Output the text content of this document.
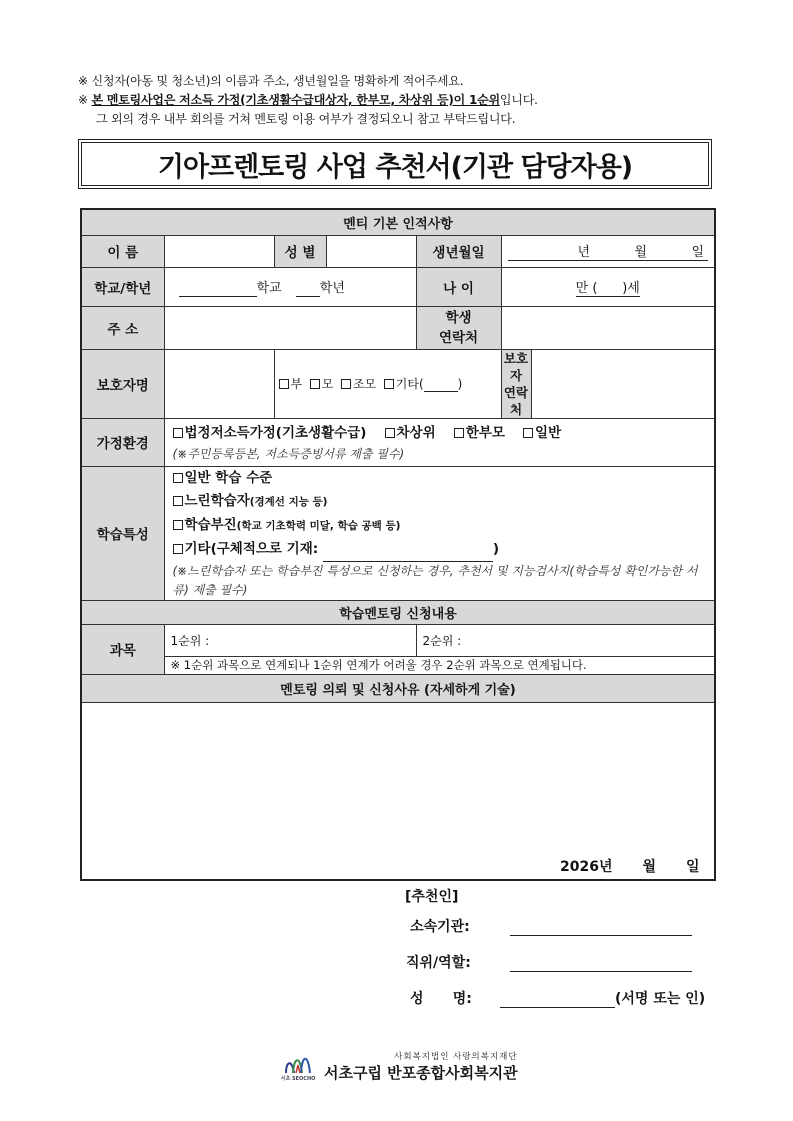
※ 신청자(아동 및 청소년)의 이름과 주소, 생년월일을 명확하게 적어주세요.
※ 본 멘토링사업은 저소득 가정(기초생활수급대상자, 한부모, 차상위 등)이 1순위입니다.
그 외의 경우 내부 회의를 거쳐 멘토링 이용 여부가 결정되오니 참고 부탁드립니다.
기아프렌토링 사업 추천서(기관 담당자용)
멘티 기본 인적사항						
이 름		성 별		생년월일	년 월 일	

학교/학년	학교 학년			나 이	만 ( )세	
주 소				학생
연락처		

보호자명		부 모 조모 기타( )			보호자
연락처	

가정환경	법정저소득가정(기초생활수급) 차상위 한부모 일반
(※주민등록등본, 저소득증빙서류 제출 필수)					

학습특성	일반 학습 수준
느린학습자(경계선 지능 등)
학습부진(학교 기초학력 미달, 학습 공백 등)
기타(구체적으로 기재: )
(※느린학습자 또는 학습부진 특성으로 신청하는 경우, 추천서 및 지능검사지(학습특성 확인가능한 서류) 제출 필수)					

학습멘토링 신청내용						
과목	1순위 :			2순위 :		
	※ 1순위 과목으로 연계되나 1순위 연계가 어려울 경우 2순위 과목으로 연계됩니다.					
멘토링 의뢰 및 신청사유 (자세하게 기술)						

2026년 월 일
[추천인]
소속기관:
직위/역할:
성      명:	(서명 또는 인)
서초 SEOCHO
사회복지법인 사랑의복지재단
서초구립 반포종합사회복지관
